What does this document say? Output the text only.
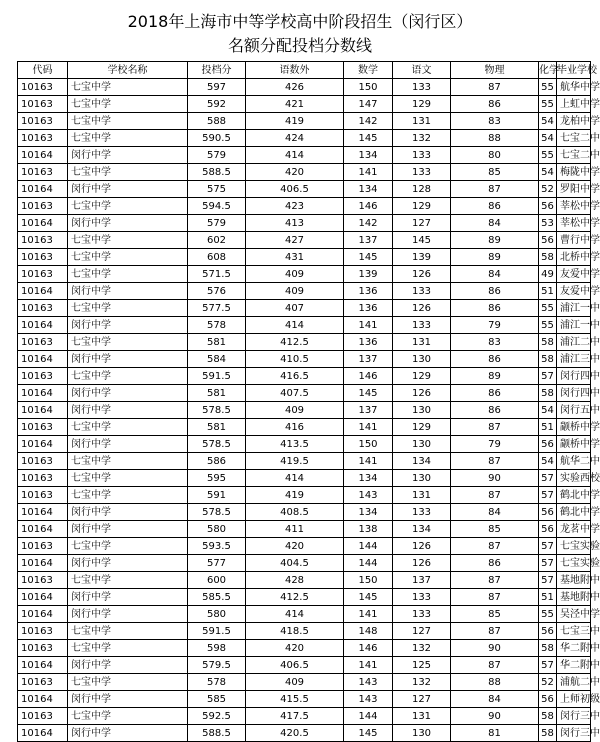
2018年上海市中等学校高中阶段招生（闵行区）
名额分配投档分数线
代码	学校名称	投档分	语数外	数学	语文	物理	化学	毕业学校
10163	七宝中学	597	426	150	133	87	55	航华中学
10163	七宝中学	592	421	147	129	86	55	上虹中学
10163	七宝中学	588	419	142	131	83	54	龙柏中学
10163	七宝中学	590.5	424	145	132	88	54	七宝二中
10164	闵行中学	579	414	134	133	80	55	七宝二中
10163	七宝中学	588.5	420	141	133	85	54	梅陇中学
10164	闵行中学	575	406.5	134	128	87	52	罗阳中学
10163	七宝中学	594.5	423	146	129	86	56	莘松中学
10164	闵行中学	579	413	142	127	84	53	莘松中学
10163	七宝中学	602	427	137	145	89	56	曹行中学
10163	七宝中学	608	431	145	139	89	58	北桥中学
10163	七宝中学	571.5	409	139	126	84	49	友爱中学
10164	闵行中学	576	409	136	133	86	51	友爱中学
10163	七宝中学	577.5	407	136	126	86	55	浦江一中
10164	闵行中学	578	414	141	133	79	55	浦江一中
10163	七宝中学	581	412.5	136	131	83	58	浦江二中
10164	闵行中学	584	410.5	137	130	86	58	浦江三中
10163	七宝中学	591.5	416.5	146	129	89	57	闵行四中
10164	闵行中学	581	407.5	145	126	86	58	闵行四中
10164	闵行中学	578.5	409	137	130	86	54	闵行五中
10163	七宝中学	581	416	141	129	87	51	颛桥中学
10164	闵行中学	578.5	413.5	150	130	79	56	颛桥中学
10163	七宝中学	586	419.5	141	134	87	54	航华二中
10163	七宝中学	595	414	134	130	90	57	实验西校
10163	七宝中学	591	419	143	131	87	57	鹤北中学
10164	闵行中学	578.5	408.5	134	133	84	56	鹤北中学
10164	闵行中学	580	411	138	134	85	56	龙茗中学
10163	七宝中学	593.5	420	144	126	87	57	七宝实验
10164	闵行中学	577	404.5	144	126	86	57	七宝实验
10163	七宝中学	600	428	150	137	87	57	基地附中
10164	闵行中学	585.5	412.5	145	133	87	51	基地附中
10164	闵行中学	580	414	141	133	85	55	吴泾中学
10163	七宝中学	591.5	418.5	148	127	87	56	七宝三中
10163	七宝中学	598	420	146	132	90	58	华二附中
10164	闵行中学	579.5	406.5	141	125	87	57	华二附中
10163	七宝中学	578	409	143	132	88	52	浦航二中
10164	闵行中学	585	415.5	143	127	84	56	上师初级
10163	七宝中学	592.5	417.5	144	131	90	58	闵行三中
10164	闵行中学	588.5	420.5	145	130	81	58	闵行三中
